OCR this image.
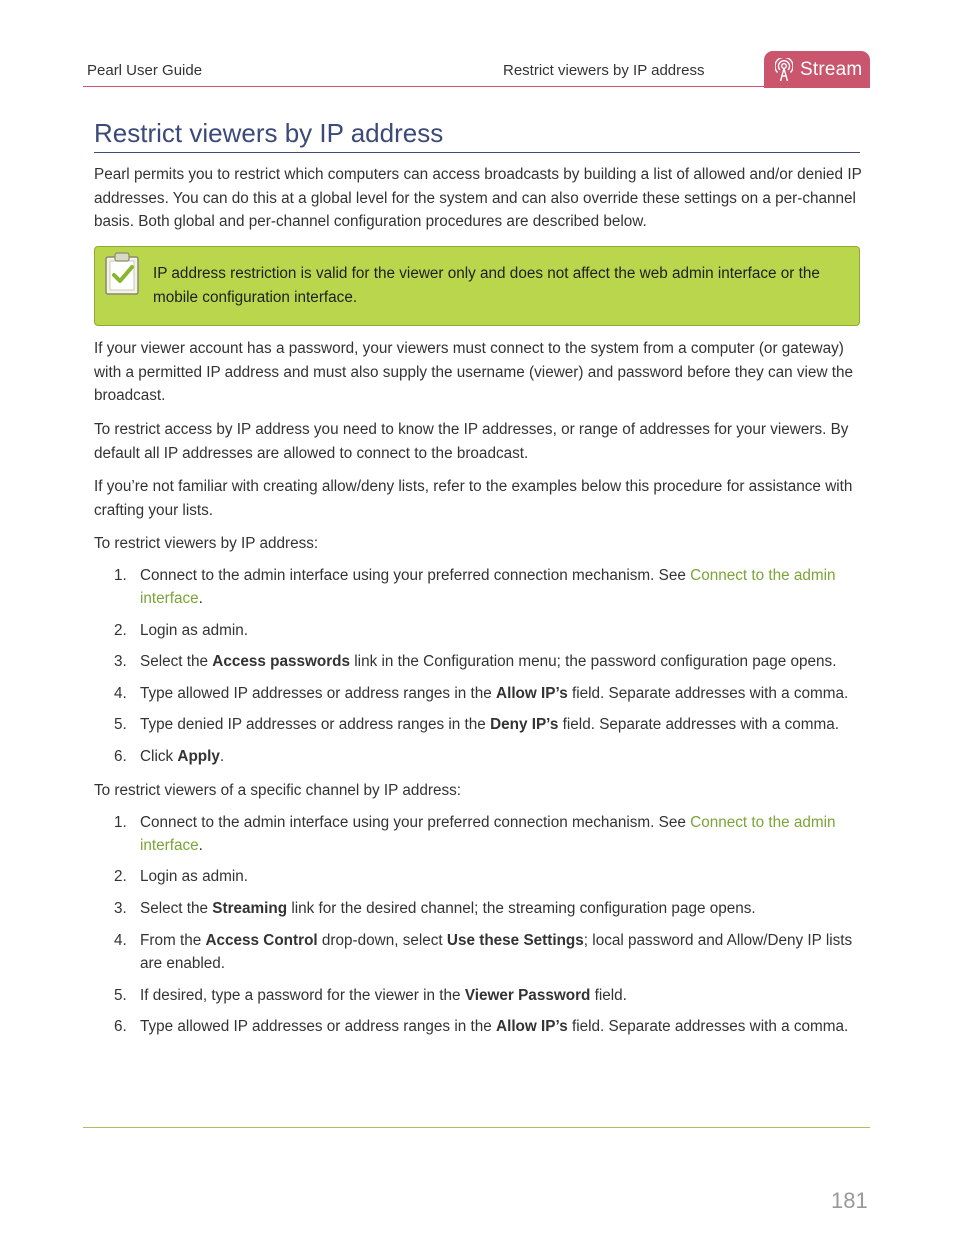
Pearl User Guide	Restrict viewers by IP address	Stream
Restrict viewers by IP address

Pearl permits you to restrict which computers can access broadcasts by building a list of allowed and/or denied IP addresses. You can do this at a global level for the system and can also override these settings on a per-channel basis. Both global and per-channel configuration procedures are described below.

IP address restriction is valid for the viewer only and does not affect the web admin interface or the mobile configuration interface.

If your viewer account has a password, your viewers must connect to the system from a computer (or gateway) with a permitted IP address and must also supply the username (viewer) and password before they can view the broadcast.

To restrict access by IP address you need to know the IP addresses, or range of addresses for your viewers. By default all IP addresses are allowed to connect to the broadcast.

If you’re not familiar with creating allow/deny lists, refer to the examples below this procedure for assistance with crafting your lists.

To restrict viewers by IP address:

1. Connect to the admin interface using your preferred connection mechanism. See Connect to the admin interface.
2. Login as admin.
3. Select the Access passwords link in the Configuration menu; the password configuration page opens.
4. Type allowed IP addresses or address ranges in the Allow IP’s field. Separate addresses with a comma.
5. Type denied IP addresses or address ranges in the Deny IP’s field. Separate addresses with a comma.
6. Click Apply.

To restrict viewers of a specific channel by IP address:

1. Connect to the admin interface using your preferred connection mechanism. See Connect to the admin interface.
2. Login as admin.
3. Select the Streaming link for the desired channel; the streaming configuration page opens.
4. From the Access Control drop-down, select Use these Settings; local password and Allow/Deny IP lists are enabled.
5. If desired, type a password for the viewer in the Viewer Password field.
6. Type allowed IP addresses or address ranges in the Allow IP’s field. Separate addresses with a comma.
181
